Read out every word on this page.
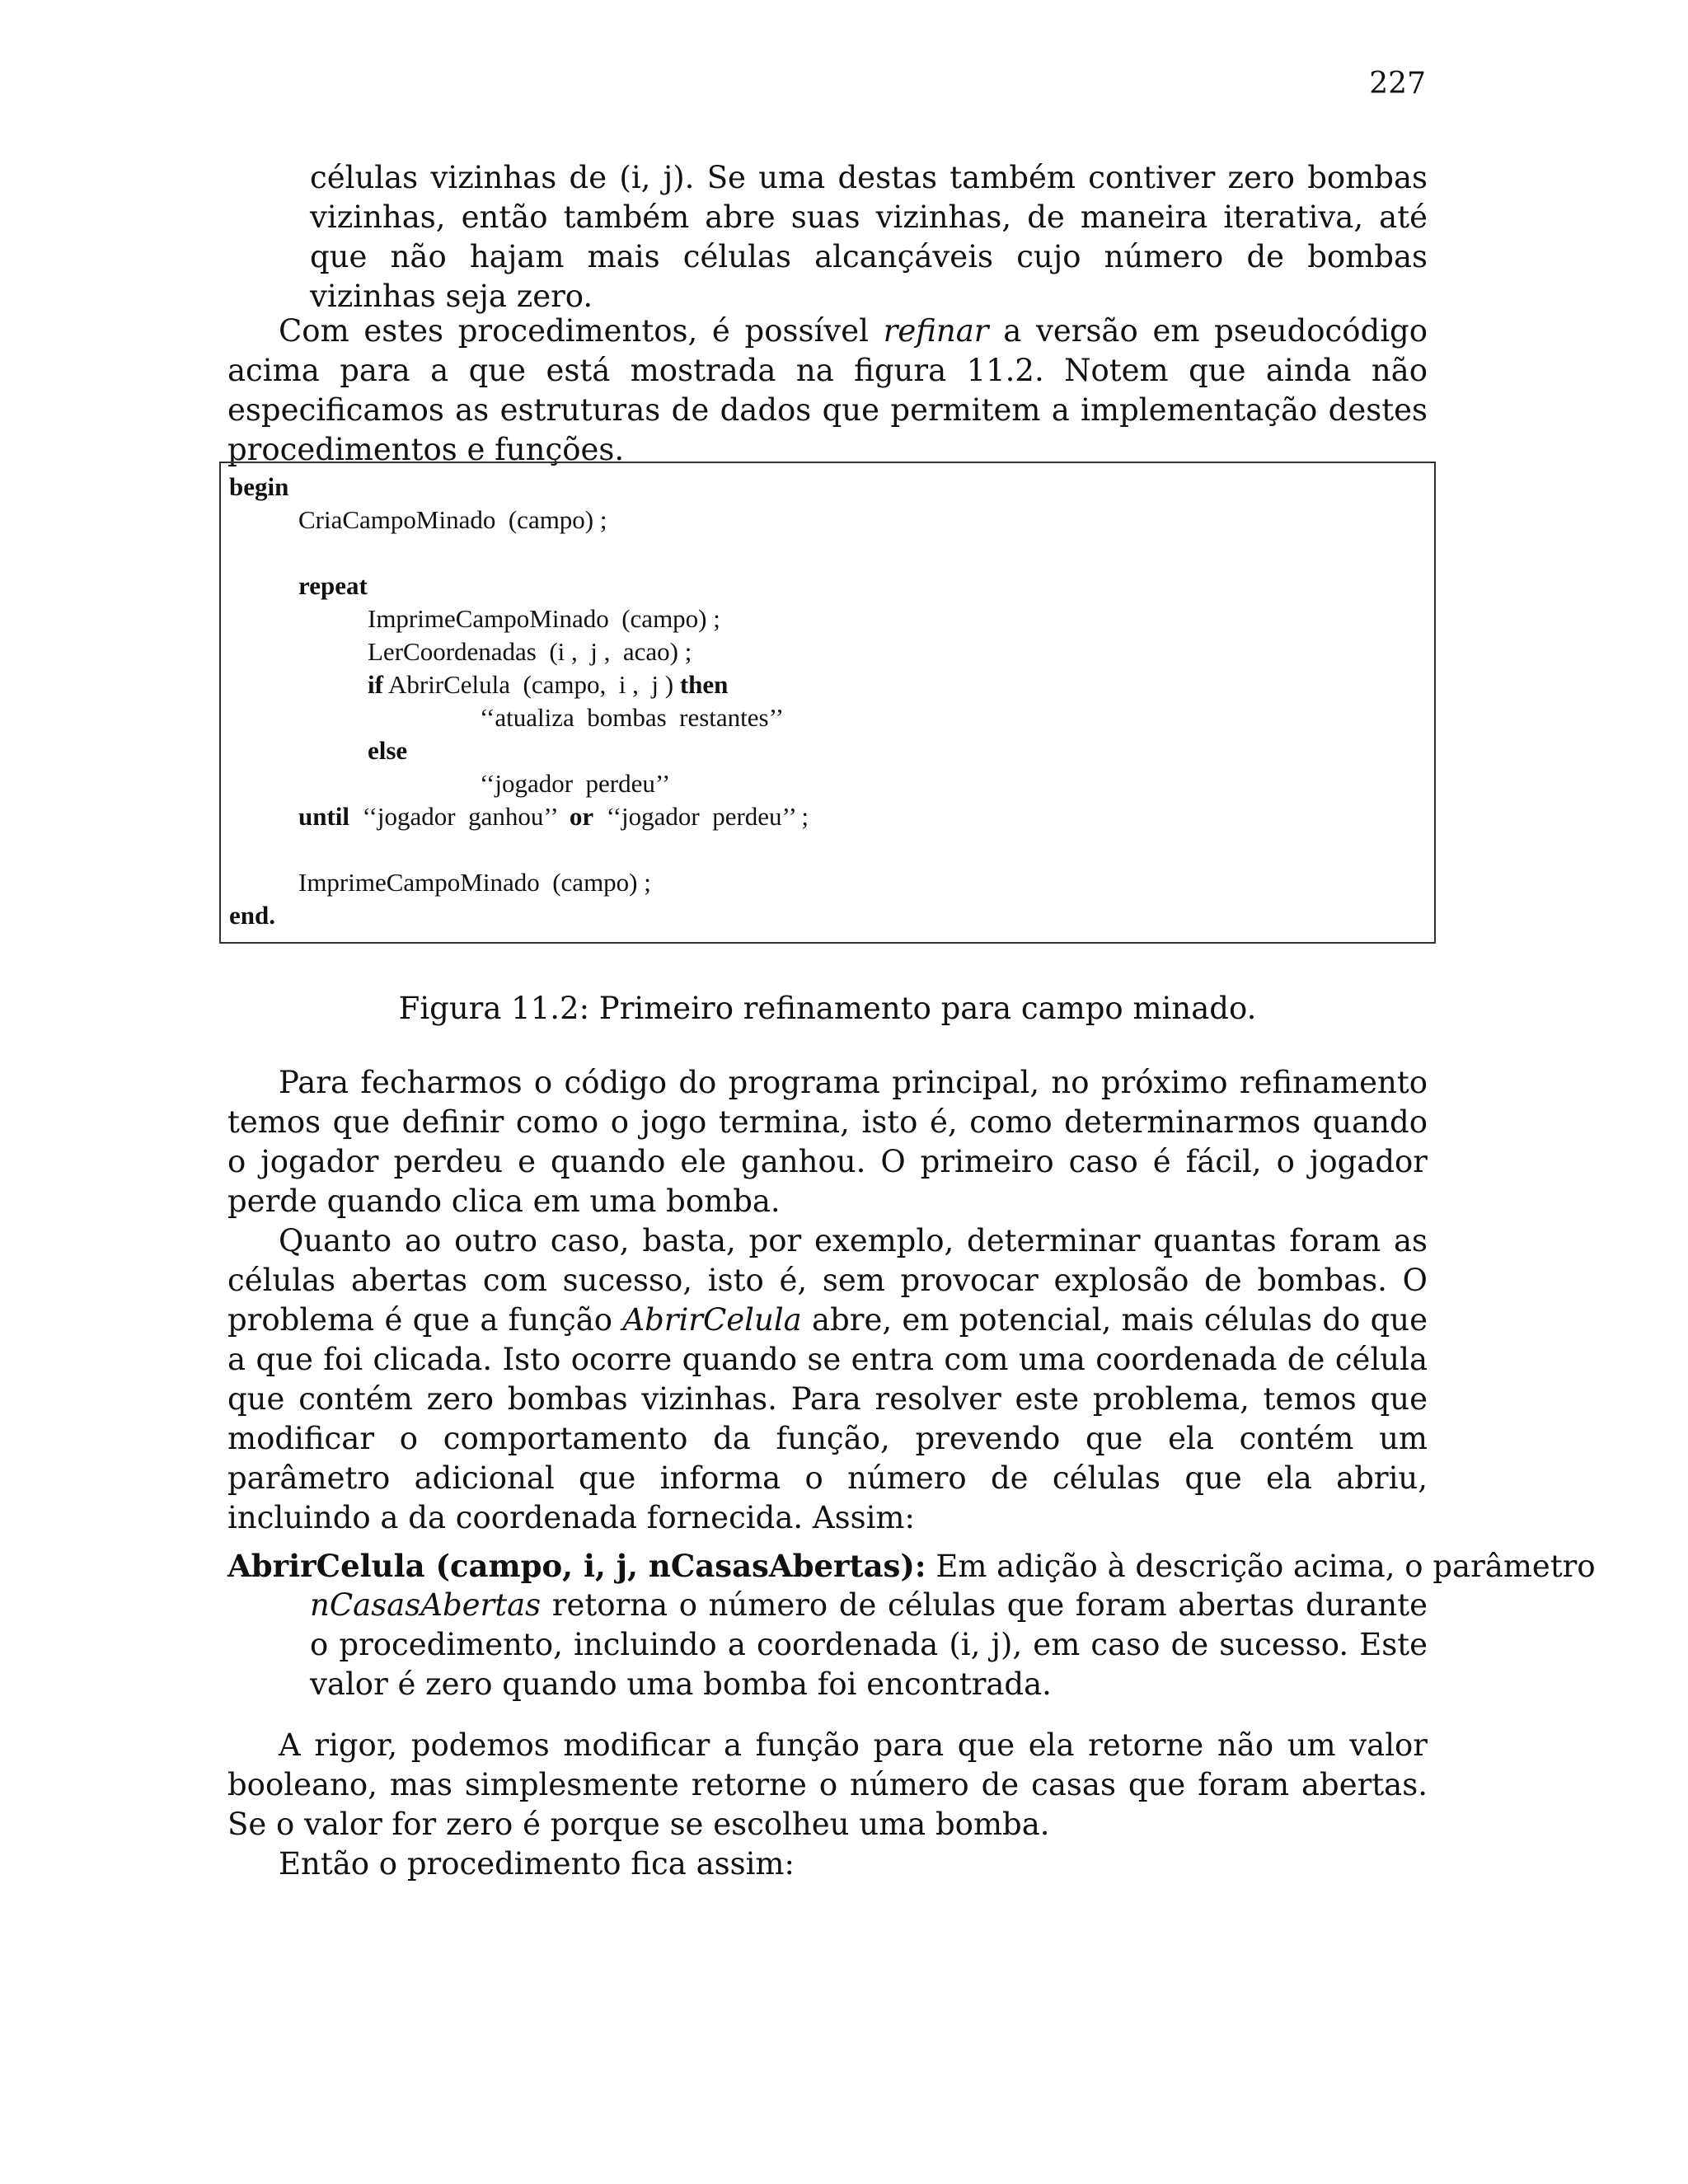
227

células vizinhas de (i, j). Se uma destas também contiver zero bombas vizinhas, então também abre suas vizinhas, de maneira iterativa, até que não hajam mais células alcançáveis cujo número de bombas vizinhas seja zero.

Com estes procedimentos, é possível refinar a versão em pseudocódigo acima para a que está mostrada na figura 11.2. Notem que ainda não especificamos as estruturas de dados que permitem a implementação destes procedimentos e funções.

begin
CriaCampoMinado  (campo) ;
repeat
ImprimeCampoMinado  (campo) ;
LerCoordenadas  (i ,  j ,  acao) ;
if AbrirCelula  (campo,  i ,  j ) then
‘‘atualiza  bombas  restantes’’
else
‘‘jogador  perdeu’’
until  ‘‘jogador  ganhou’’  or  ‘‘jogador  perdeu’’ ;
ImprimeCampoMinado  (campo) ;
end.
Figura 11.2: Primeiro refinamento para campo minado.

Para fecharmos o código do programa principal, no próximo refinamento temos que definir como o jogo termina, isto é, como determinarmos quando o jogador perdeu e quando ele ganhou. O primeiro caso é fácil, o jogador perde quando clica em uma bomba.

Quanto ao outro caso, basta, por exemplo, determinar quantas foram as células abertas com sucesso, isto é, sem provocar explosão de bombas. O problema é que a função AbrirCelula abre, em potencial, mais células do que a que foi clicada. Isto ocorre quando se entra com uma coordenada de célula que contém zero bombas vizinhas. Para resolver este problema, temos que modificar o comportamento da função, prevendo que ela contém um parâmetro adicional que informa o número de células que ela abriu, incluindo a da coordenada fornecida. Assim:

AbrirCelula (campo, i, j, nCasasAbertas): Em adição à descrição acima, o parâmetro
nCasasAbertas retorna o número de células que foram abertas durante o procedimento, incluindo a coordenada (i, j), em caso de sucesso. Este valor é zero quando uma bomba foi encontrada.

A rigor, podemos modificar a função para que ela retorne não um valor booleano, mas simplesmente retorne o número de casas que foram abertas. Se o valor for zero é porque se escolheu uma bomba.

Então o procedimento fica assim:
